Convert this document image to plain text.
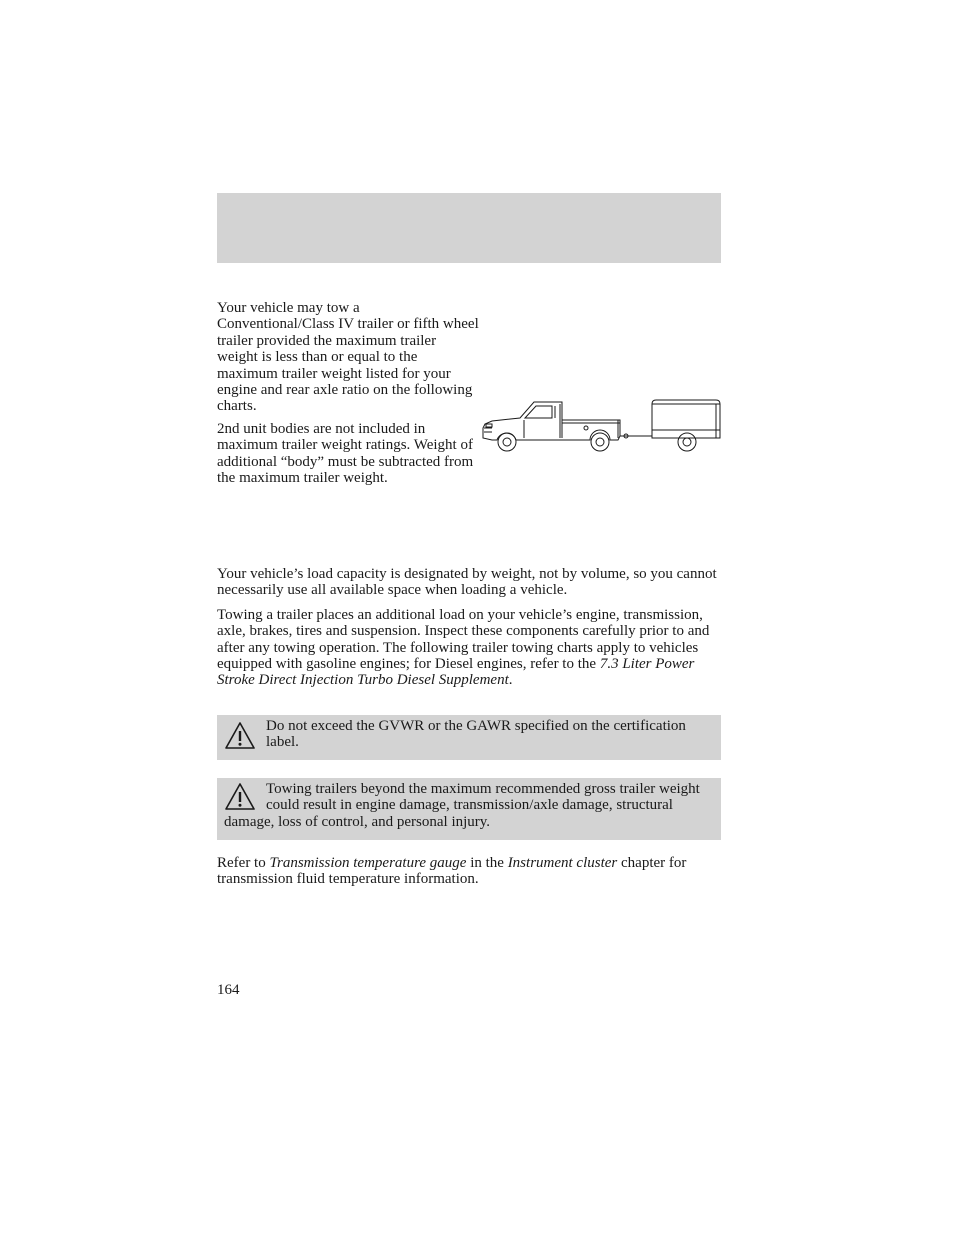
Your vehicle may tow a Conventional/Class IV trailer or fifth wheel trailer provided the maximum trailer weight is less than or equal to the maximum trailer weight listed for your engine and rear axle ratio on the following charts.

2nd unit bodies are not included in maximum trailer weight ratings. Weight of additional “body” must be subtracted from the maximum trailer weight.

Your vehicle’s load capacity is designated by weight, not by volume, so you cannot necessarily use all available space when loading a vehicle.

Towing a trailer places an additional load on your vehicle’s engine, transmission, axle, brakes, tires and suspension. Inspect these components carefully prior to and after any towing operation. The following trailer towing charts apply to vehicles equipped with gasoline engines; for Diesel engines, refer to the 7.3 Liter Power Stroke Direct Injection Turbo Diesel Supplement.

Do not exceed the GVWR or the GAWR specified on the certification label.
Towing trailers beyond the maximum recommended gross trailer weight could result in engine damage, transmission/axle damage, structural damage, loss of control, and personal injury.

Refer to Transmission temperature gauge in the Instrument cluster chapter for transmission fluid temperature information.

164
